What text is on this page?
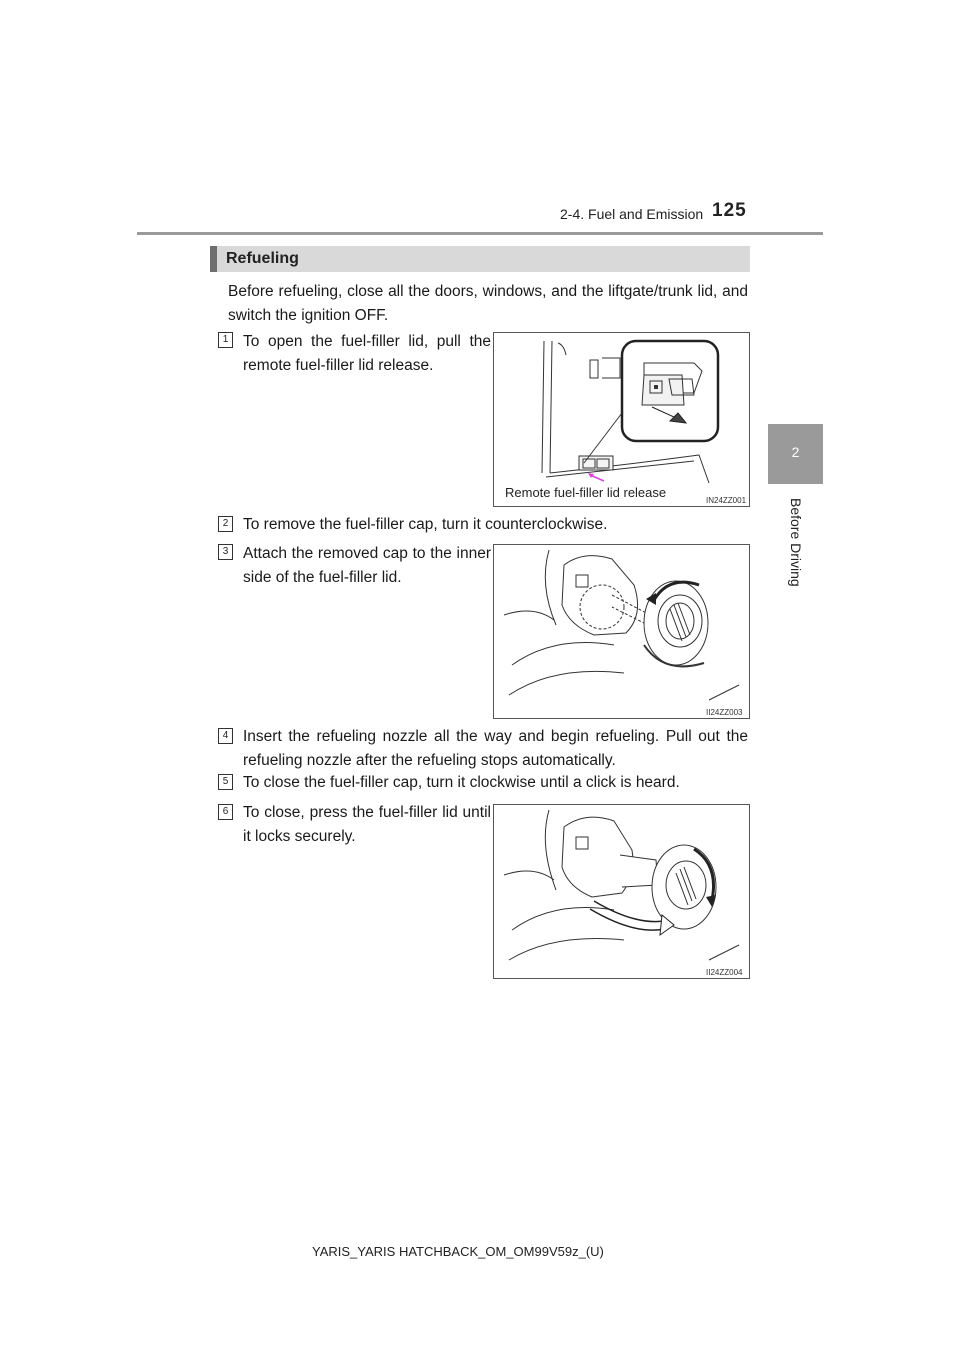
2-4. Fuel and Emission 125
2
Before Driving
Refueling
Before refueling, close all the doors, windows, and the liftgate/trunk lid, and switch the ignition OFF.
1 To open the fuel-filler lid, pull the remote fuel-filler lid release.
Remote fuel-filler lid release
IN24ZZ001
2 To remove the fuel-filler cap, turn it counterclockwise.
3 Attach the removed cap to the inner side of the fuel-filler lid.
II24ZZ003
4 Insert the refueling nozzle all the way and begin refueling. Pull out the refueling nozzle after the refueling stops automatically.
5 To close the fuel-filler cap, turn it clockwise until a click is heard.
6 To close, press the fuel-filler lid until it locks securely.
II24ZZ004
YARIS_YARIS HATCHBACK_OM_OM99V59z_(U)
